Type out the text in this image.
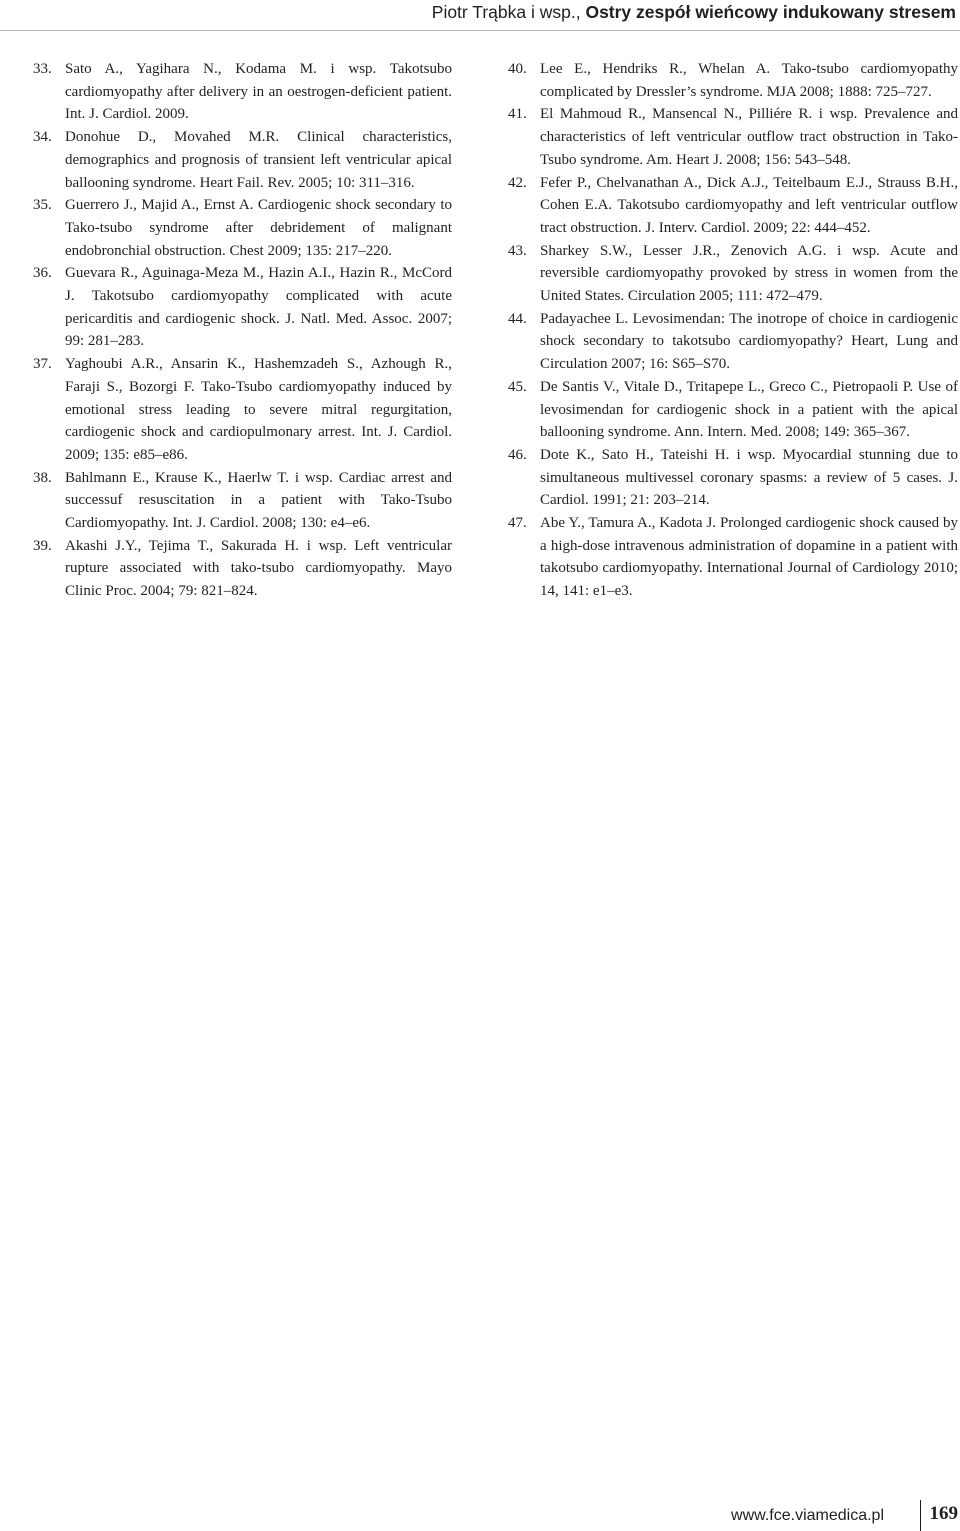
Piotr Trąbka i wsp., Ostry zespół wieńcowy indukowany stresem
33. Sato A., Yagihara N., Kodama M. i wsp. Takotsubo cardiomyopathy after delivery in an oestrogen-deficient patient. Int. J. Cardiol. 2009.
34. Donohue D., Movahed M.R. Clinical characteristics, demographics and prognosis of transient left ventricular apical ballooning syndrome. Heart Fail. Rev. 2005; 10: 311–316.
35. Guerrero J., Majid A., Ernst A. Cardiogenic shock secondary to Tako-tsubo syndrome after debridement of malignant endobronchial obstruction. Chest 2009; 135: 217–220.
36. Guevara R., Aguinaga-Meza M., Hazin A.I., Hazin R., McCord J. Takotsubo cardiomyopathy complicated with acute pericarditis and cardiogenic shock. J. Natl. Med. Assoc. 2007; 99: 281–283.
37. Yaghoubi A.R., Ansarin K., Hashemzadeh S., Azhough R., Faraji S., Bozorgi F. Tako-Tsubo cardiomyopathy induced by emotional stress leading to severe mitral regurgitation, cardiogenic shock and cardiopulmonary arrest. Int. J. Cardiol. 2009; 135: e85–e86.
38. Bahlmann E., Krause K., Haerlw T. i wsp. Cardiac arrest and successuf resuscitation in a patient with Tako-Tsubo Cardiomyopathy. Int. J. Cardiol. 2008; 130: e4–e6.
39. Akashi J.Y., Tejima T., Sakurada H. i wsp. Left ventricular rupture associated with tako-tsubo cardiomyopathy. Mayo Clinic Proc. 2004; 79: 821–824.
40. Lee E., Hendriks R., Whelan A. Tako-tsubo cardiomyopathy complicated by Dressler’s syndrome. MJA 2008; 1888: 725–727.
41. El Mahmoud R., Mansencal N., Pilliére R. i wsp. Prevalence and characteristics of left ventricular outflow tract obstruction in Tako-Tsubo syndrome. Am. Heart J. 2008; 156: 543–548.
42. Fefer P., Chelvanathan A., Dick A.J., Teitelbaum E.J., Strauss B.H., Cohen E.A. Takotsubo cardiomyopathy and left ventricular outflow tract obstruction. J. Interv. Cardiol. 2009; 22: 444–452.
43. Sharkey S.W., Lesser J.R., Zenovich A.G. i wsp. Acute and reversible cardiomyopathy provoked by stress in women from the United States. Circulation 2005; 111: 472–479.
44. Padayachee L. Levosimendan: The inotrope of choice in cardiogenic shock secondary to takotsubo cardiomyopathy? Heart, Lung and Circulation 2007; 16: S65–S70.
45. De Santis V., Vitale D., Tritapepe L., Greco C., Pietropaoli P. Use of levosimendan for cardiogenic shock in a patient with the apical ballooning syndrome. Ann. Intern. Med. 2008; 149: 365–367.
46. Dote K., Sato H., Tateishi H. i wsp. Myocardial stunning due to simultaneous multivessel coronary spasms: a review of 5 cases. J. Cardiol. 1991; 21: 203–214.
47. Abe Y., Tamura A., Kadota J. Prolonged cardiogenic shock caused by a high-dose intravenous administration of dopamine in a patient with takotsubo cardiomyopathy. International Journal of Cardiology 2010; 14, 141: e1–e3.
www.fce.viamedica.pl 169
